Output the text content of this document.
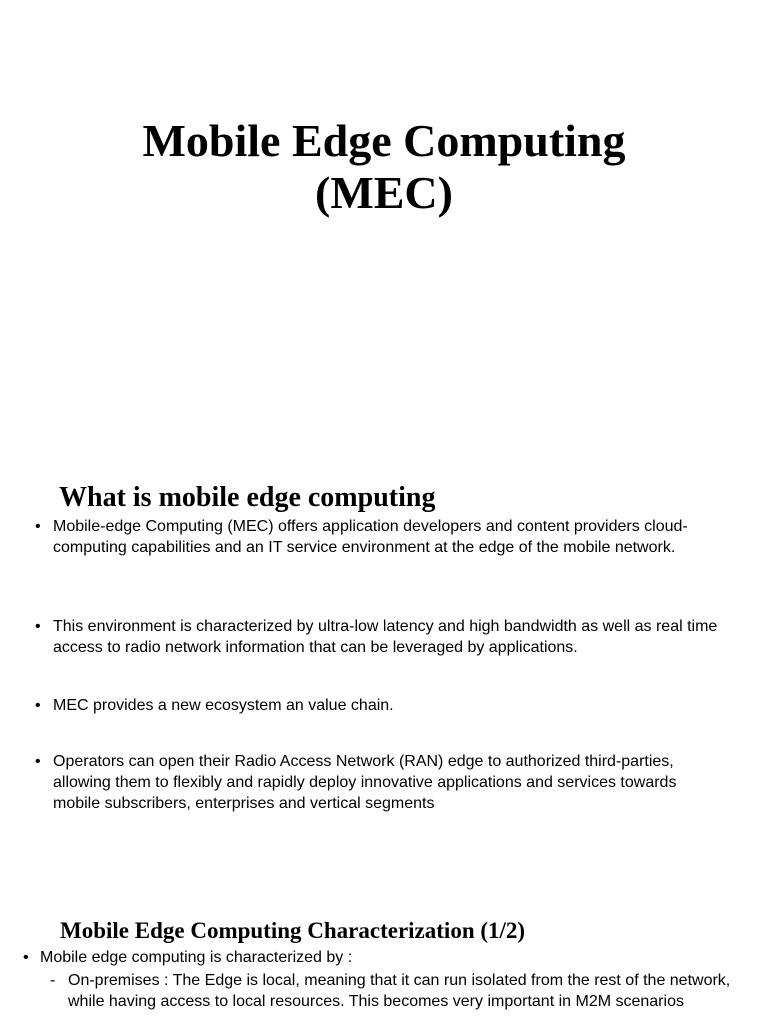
Mobile Edge Computing
(MEC)
What is mobile edge computing
• Mobile-edge Computing (MEC) offers application developers and content providers cloud-computing capabilities and an IT service environment at the edge of the mobile network.
• This environment is characterized by ultra-low latency and high bandwidth as well as real time access to radio network information that can be leveraged by applications.
• MEC provides a new ecosystem an value chain.
• Operators can open their Radio Access Network (RAN) edge to authorized third-parties, allowing them to flexibly and rapidly deploy innovative applications and services towards mobile subscribers, enterprises and vertical segments
Mobile Edge Computing Characterization (1/2)
• Mobile edge computing is characterized by :
- On-premises : The Edge is local, meaning that it can run isolated from the rest of the network, while having access to local resources. This becomes very important in M2M scenarios
